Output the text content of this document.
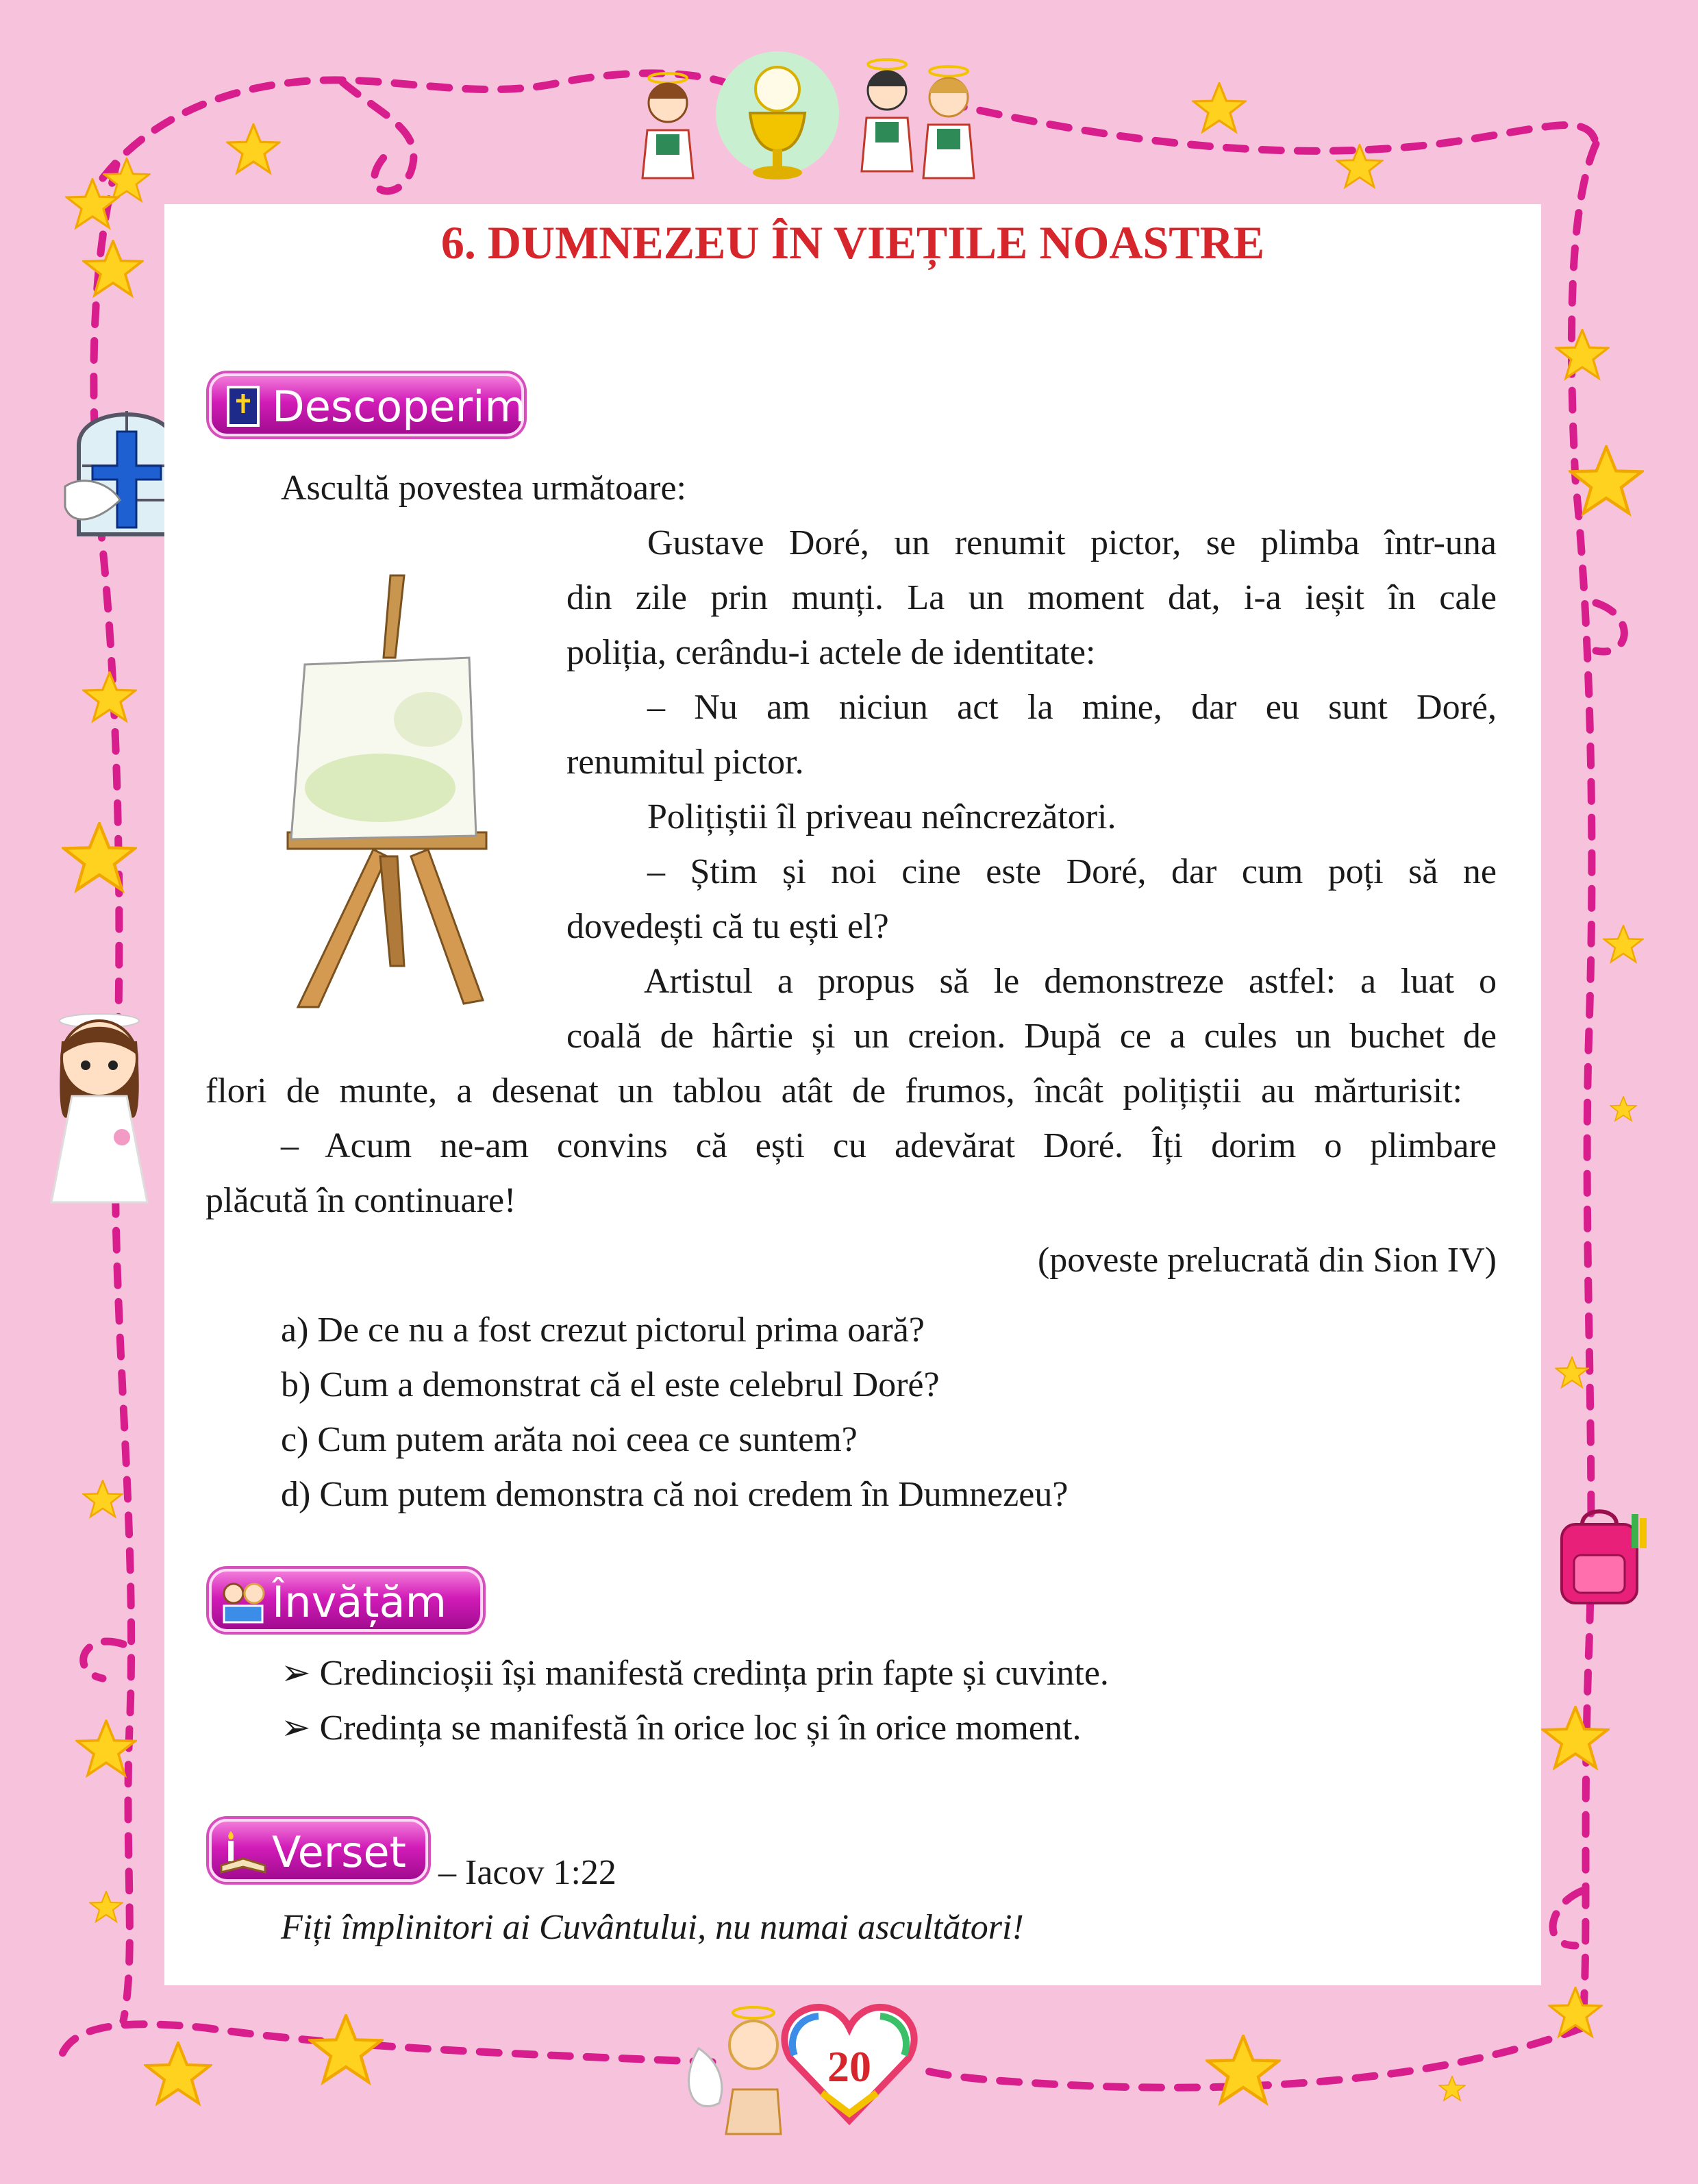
6. DUMNEZEU ÎN VIEȚILE NOASTRE
Descoperim

Ascultă povestea următoare:

Gustave Doré, un renumit pictor, se plimba într-una

din zile prin munți. La un moment dat, i-a ieșit în cale

poliția, cerându-i actele de identitate:

– Nu am niciun act la mine, dar eu sunt Doré,

renumitul pictor.

Polițiștii îl priveau neîncrezători.

– Știm și noi cine este Doré, dar cum poți să ne

dovedești că tu ești el?

Artistul a propus să le demonstreze astfel: a luat o

coală de hârtie și un creion. După ce a cules un buchet de

flori de munte, a desenat un tablou atât de frumos, încât polițiștii au mărturisit:

– Acum ne-am convins că ești cu adevărat Doré. Îți dorim o plimbare

plăcută în continuare!

(poveste prelucrată din Sion IV)

a) De ce nu a fost crezut pictorul prima oară?

b) Cum a demonstrat că el este celebrul Doré?

c) Cum putem arăta noi ceea ce suntem?

d) Cum putem demonstra că noi credem în Dumnezeu?

Învățăm

➢ Credincioșii își manifestă credința prin fapte și cuvinte.

➢ Credința se manifestă în orice loc și în orice moment.

Verset – Iacov 1:22

Fiți împlinitori ai Cuvântului, nu numai ascultători!

20
